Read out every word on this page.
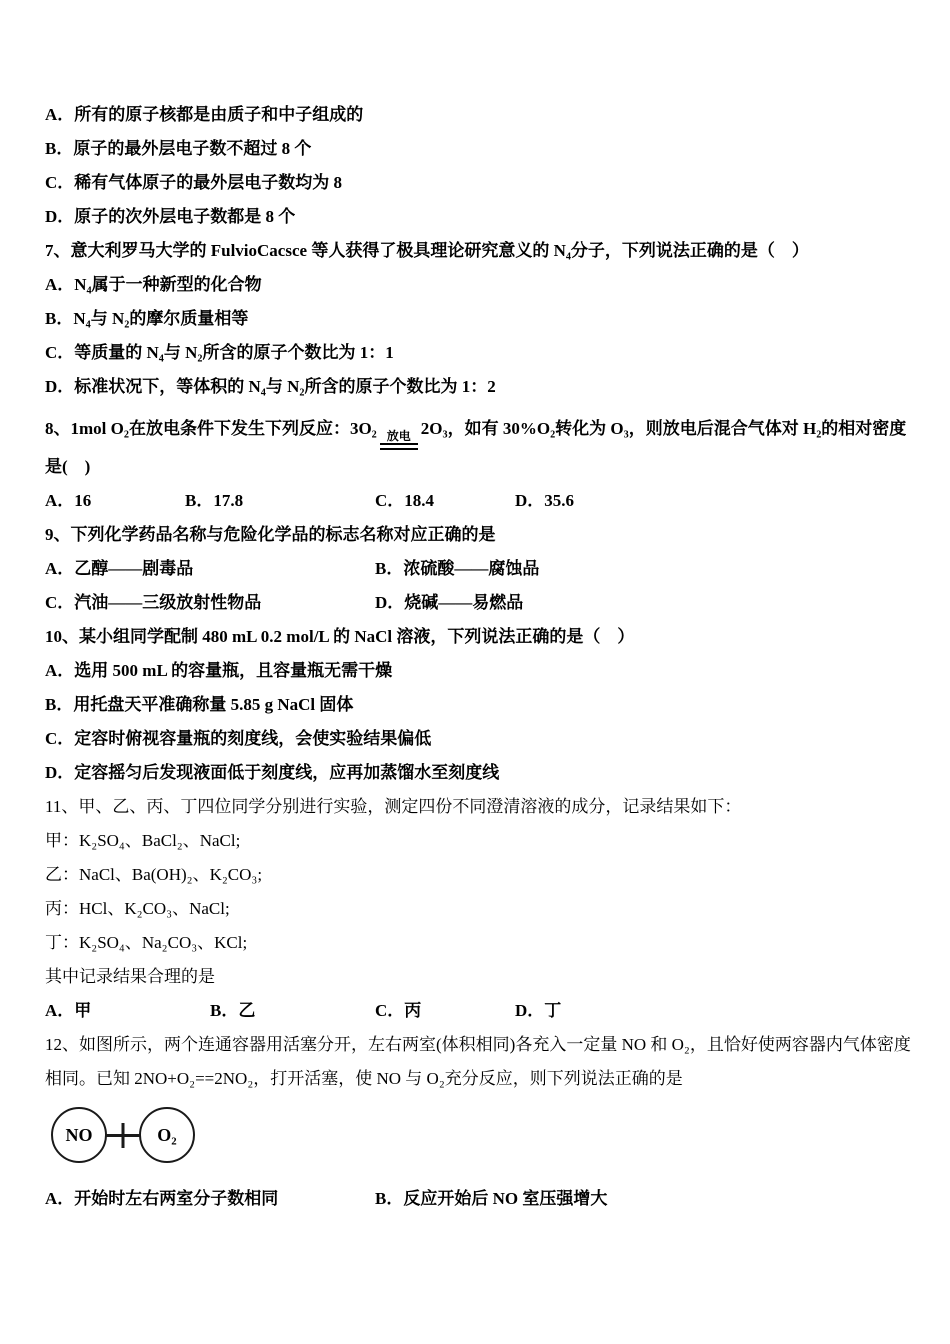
A．所有的原子核都是由质子和中子组成的
B．原子的最外层电子数不超过 8 个
C．稀有气体原子的最外层电子数均为 8
D．原子的次外层电子数都是 8 个
7、意大利罗马大学的 FulvioCacsce 等人获得了极具理论研究意义的 N₄分子，下列说法正确的是（　）
A．N₄属于一种新型的化合物
B．N₄与 N₂的摩尔质量相等
C．等质量的 N₄与 N₂所含的原子个数比为 1：1
D．标准状况下，等体积的 N₄与 N₂所含的原子个数比为 1：2
8、1mol O₂在放电条件下发生下列反应：3O₂ 放电 2O₃，如有 30%O₂转化为 O₃，则放电后混合气体对 H₂的相对密度
是(　)
A．16	B．17.8	C．18.4	D．35.6
9、下列化学药品名称与危险化学品的标志名称对应正确的是
A．乙醇——剧毒品	B．浓硫酸——腐蚀品
C．汽油——三级放射性物品	D．烧碱——易燃品
10、某小组同学配制 480 mL 0.2 mol/L 的 NaCl 溶液，下列说法正确的是（　）
A．选用 500 mL 的容量瓶，且容量瓶无需干燥
B．用托盘天平准确称量 5.85 g NaCl 固体
C．定容时俯视容量瓶的刻度线，会使实验结果偏低
D．定容摇匀后发现液面低于刻度线，应再加蒸馏水至刻度线
11、甲、乙、丙、丁四位同学分别进行实验，测定四份不同澄清溶液的成分，记录结果如下：
甲：K₂SO₄、BaCl₂、NaCl;
乙：NaCl、Ba(OH)₂、K₂CO₃;
丙：HCl、K₂CO₃、NaCl;
丁：K₂SO₄、Na₂CO₃、KCl;
其中记录结果合理的是
A．甲	B．乙	C．丙	D．丁
12、如图所示，两个连通容器用活塞分开，左右两室(体积相同)各充入一定量 NO 和 O₂，且恰好使两容器内气体密度
相同。已知 2NO+O₂==2NO₂，打开活塞，使 NO 与 O₂充分反应，则下列说法正确的是
NO	O₂
A．开始时左右两室分子数相同	B．反应开始后 NO 室压强增大
